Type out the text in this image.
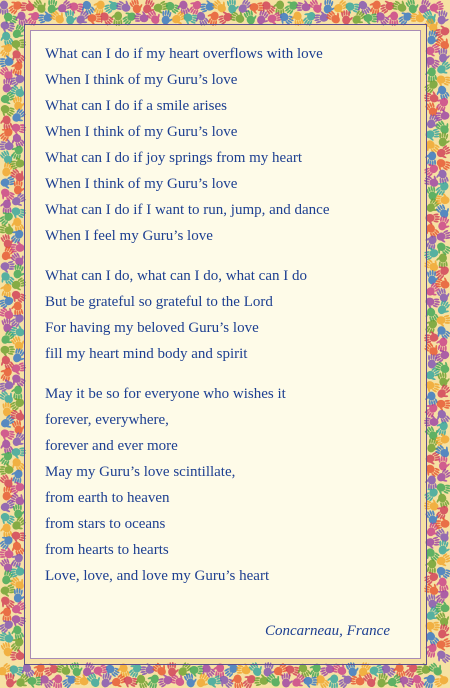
What can I do if my heart overflows with love
When I think of my Guru’s love
What can I do if a smile arises
When I think of my Guru’s love
What can I do if joy springs from my heart
When I think of my Guru’s love
What can I do if I want to run, jump, and dance
When I feel my Guru’s love
What can I do, what can I do, what can I do
But be grateful so grateful to the Lord
For having my beloved Guru’s love
fill my heart mind body and spirit
May it be so for everyone who wishes it
forever, everywhere,
forever and ever more
May my Guru’s love scintillate,
from earth to heaven
from stars to oceans
from hearts to hearts
Love, love, and love my Guru’s heart
Concarneau, France
